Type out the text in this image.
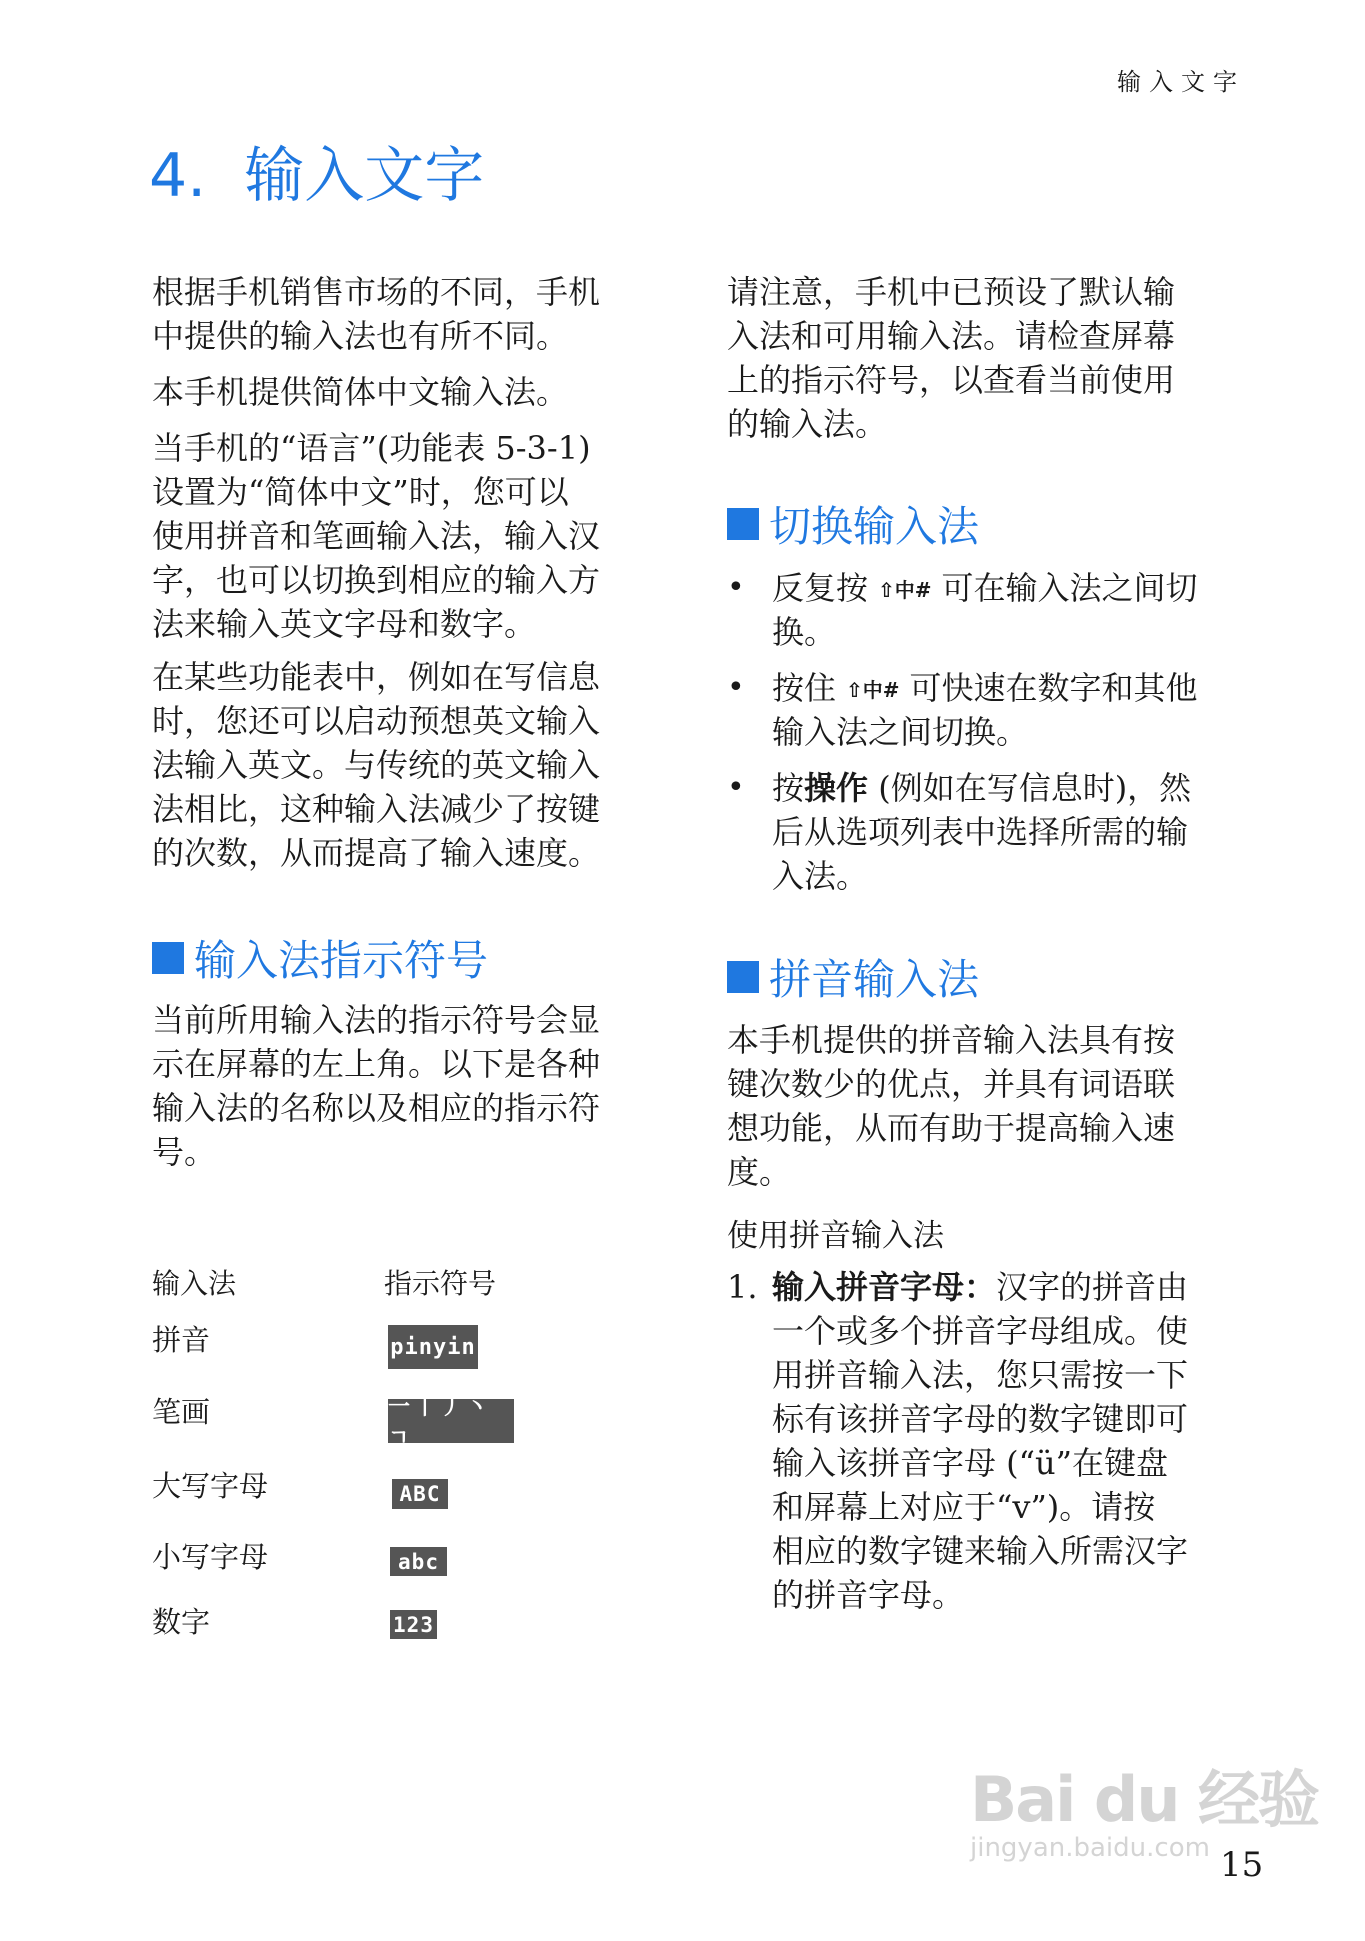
输入文字
4. 输入文字
根据手机销售市场的不同，手机
中提供的输入法也有所不同。
本手机提供简体中文输入法。
当手机的“语言”(功能表 5-3-1)
设置为“简体中文”时，您可以
使用拼音和笔画输入法，输入汉
字，也可以切换到相应的输入方
法来输入英文字母和数字。
在某些功能表中，例如在写信息
时，您还可以启动预想英文输入
法输入英文。与传统的英文输入
法相比，这种输入法减少了按键
的次数，从而提高了输入速度。
输入法指示符号
当前所用输入法的指示符号会显
示在屏幕的左上角。以下是各种
输入法的名称以及相应的指示符
号。
输入法	指示符号
拼音	pinyin
笔画	一丨丿丶ㄱ
大写字母	ABC
小写字母	abc
数字	123
请注意，手机中已预设了默认输
入法和可用输入法。请检查屏幕
上的指示符号，以查看当前使用
的输入法。
切换输入法
• 反复按 ⇧中# 可在输入法之间切
换。
• 按住 ⇧中# 可快速在数字和其他
输入法之间切换。
• 按操作 (例如在写信息时)，然
后从选项列表中选择所需的输
入法。
拼音输入法
本手机提供的拼音输入法具有按
键次数少的优点，并具有词语联
想功能，从而有助于提高输入速
度。
使用拼音输入法
1. 输入拼音字母：汉字的拼音由
一个或多个拼音字母组成。使
用拼音输入法，您只需按一下
标有该拼音字母的数字键即可
输入该拼音字母 (“ü”在键盘
和屏幕上对应于“v”)。请按
相应的数字键来输入所需汉字
的拼音字母。
Bai du 经验
jingyan.baidu.com 15
